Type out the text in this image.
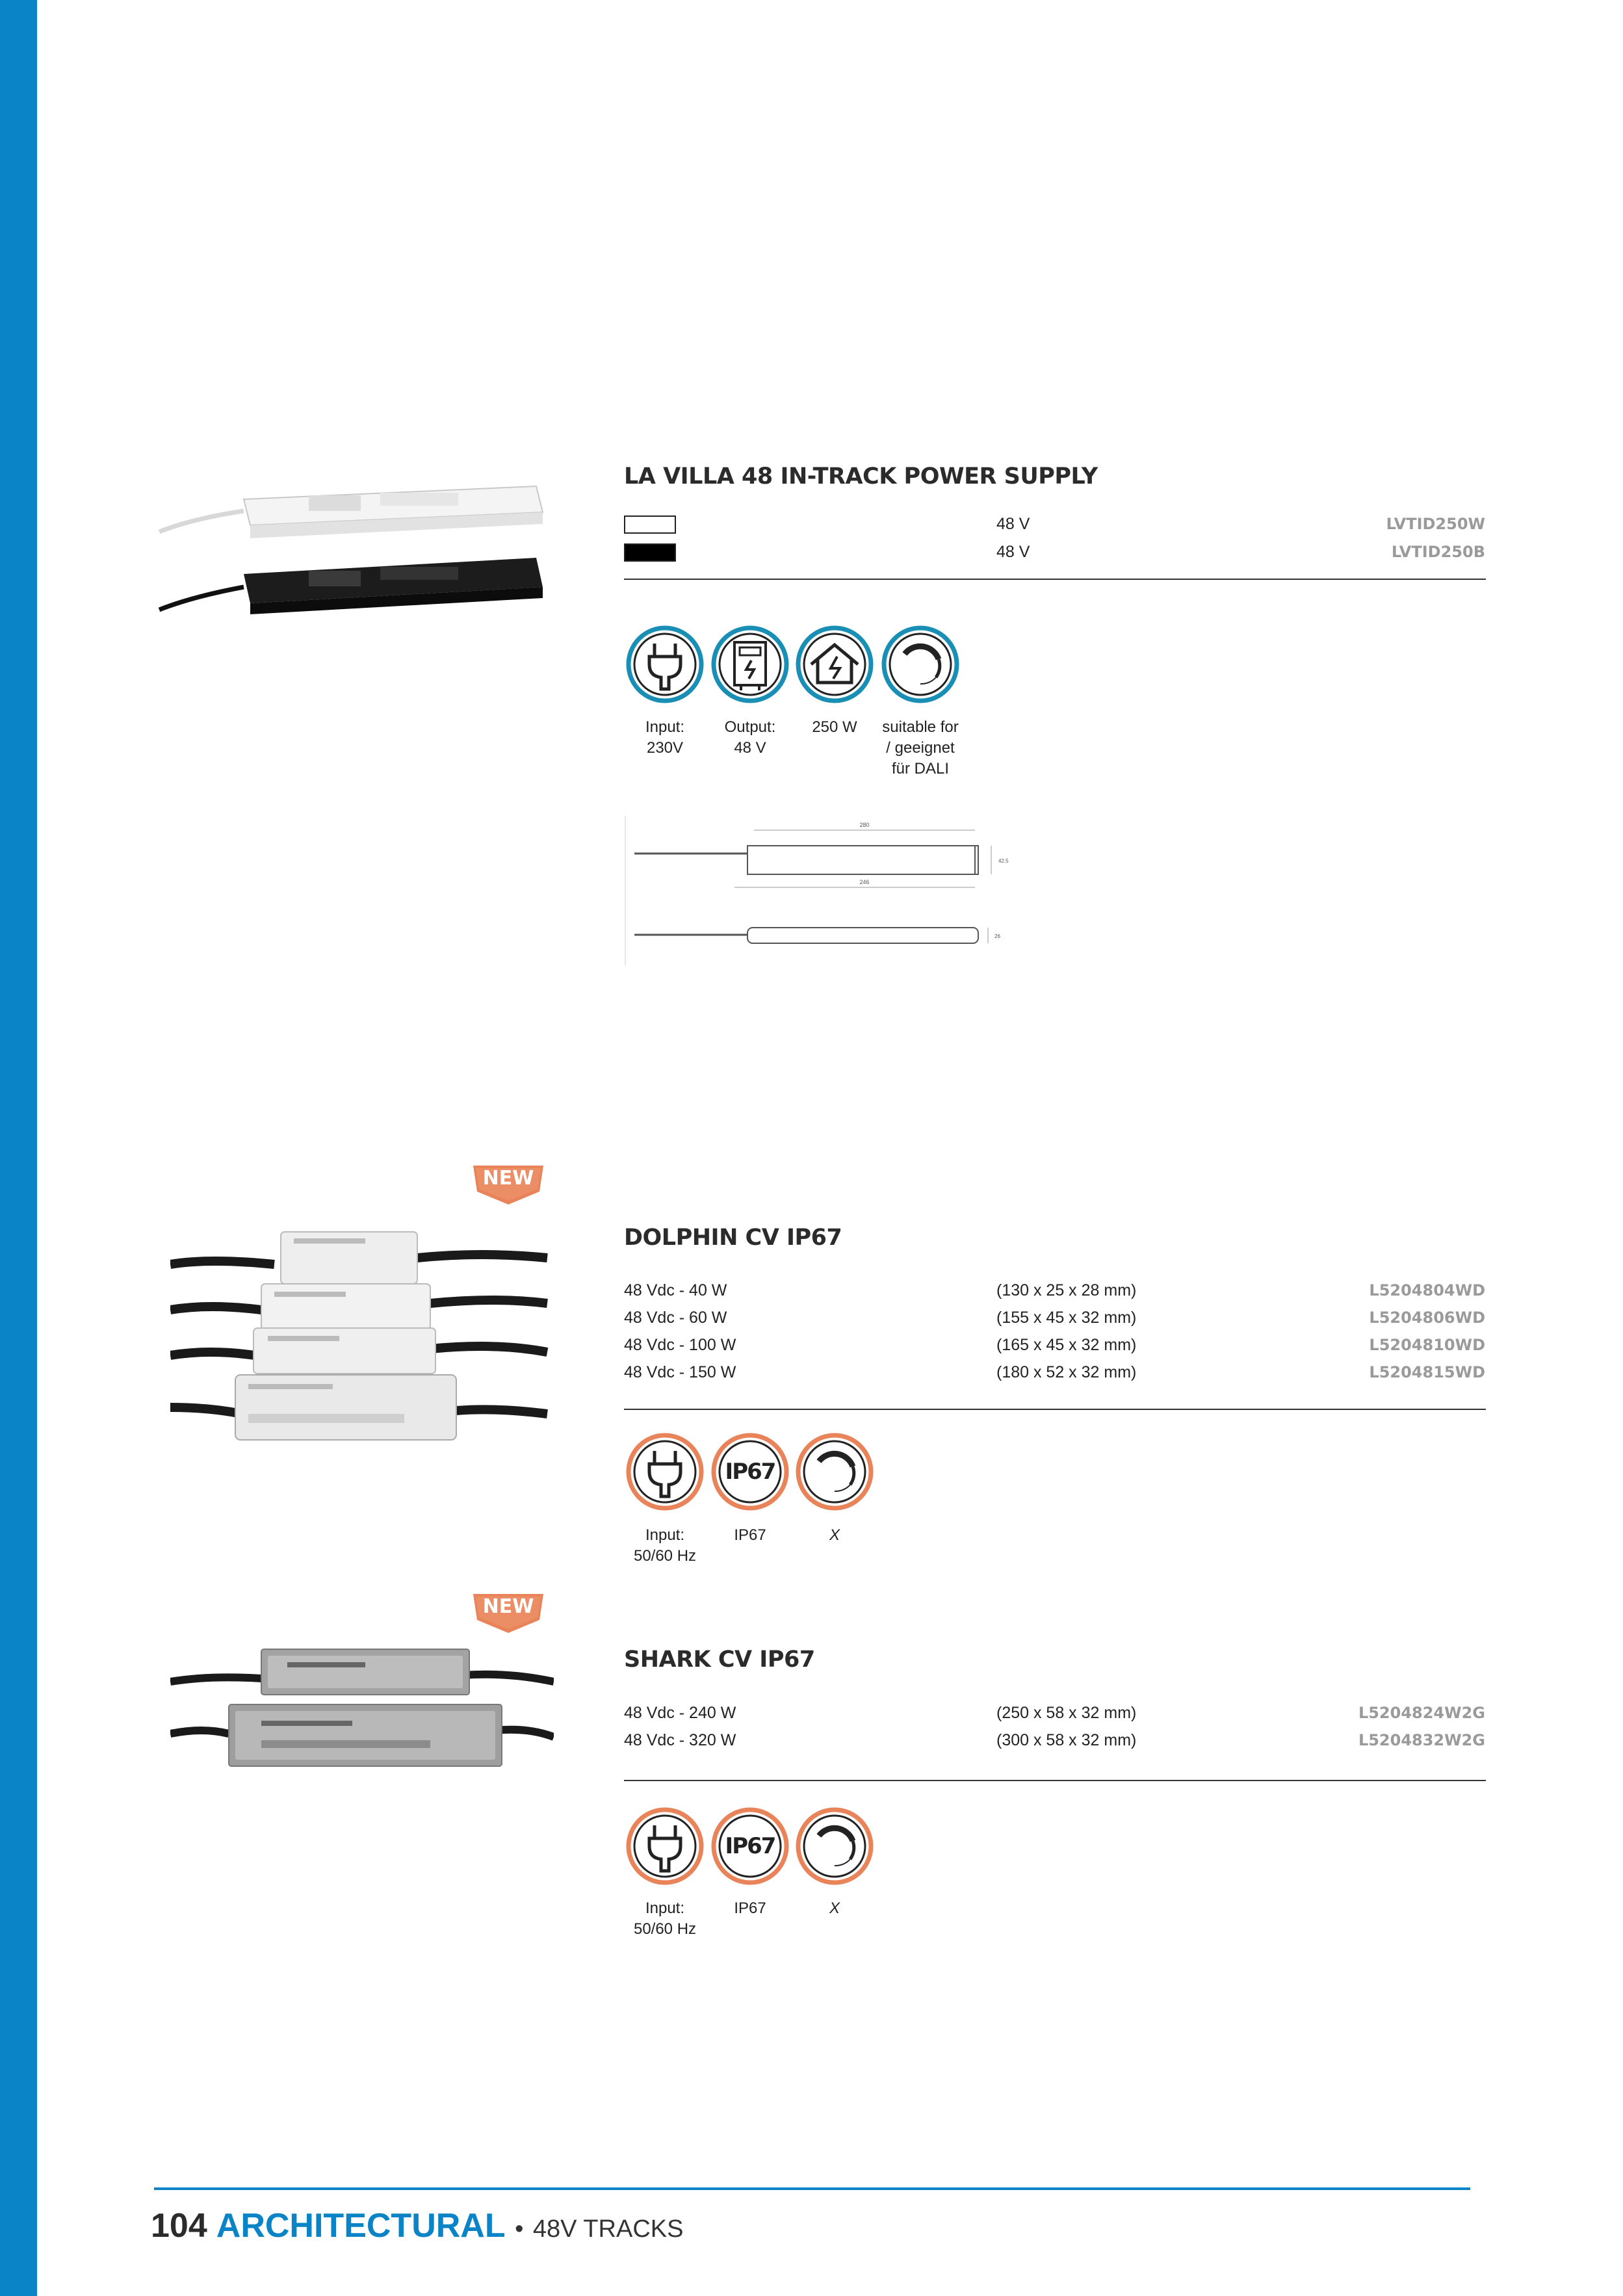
LA VILLA 48 IN-TRACK POWER SUPPLY
48 V	LVTID250W
48 V	LVTID250B
Input:
230V
Output:
48 V
250 W	suitable for
/ geeignet
für DALI
280
246
42.5
26
NEW
DOLPHIN CV IP67
48 Vdc - 40 W	(130 x 25 x 28 mm)	L5204804WD
48 Vdc - 60 W	(155 x 45 x 32 mm)	L5204806WD
48 Vdc - 100 W	(165 x 45 x 32 mm)	L5204810WD
48 Vdc - 150 W	(180 x 52 x 32 mm)	L5204815WD
IP67
Input:
50/60 Hz
IP67	X
NEW
SHARK CV IP67
48 Vdc - 240 W	(250 x 58 x 32 mm)	L5204824W2G
48 Vdc - 320 W	(300 x 58 x 32 mm)	L5204832W2G
IP67
Input:
50/60 Hz
IP67	X
104 ARCHITECTURAL • 48V TRACKS
